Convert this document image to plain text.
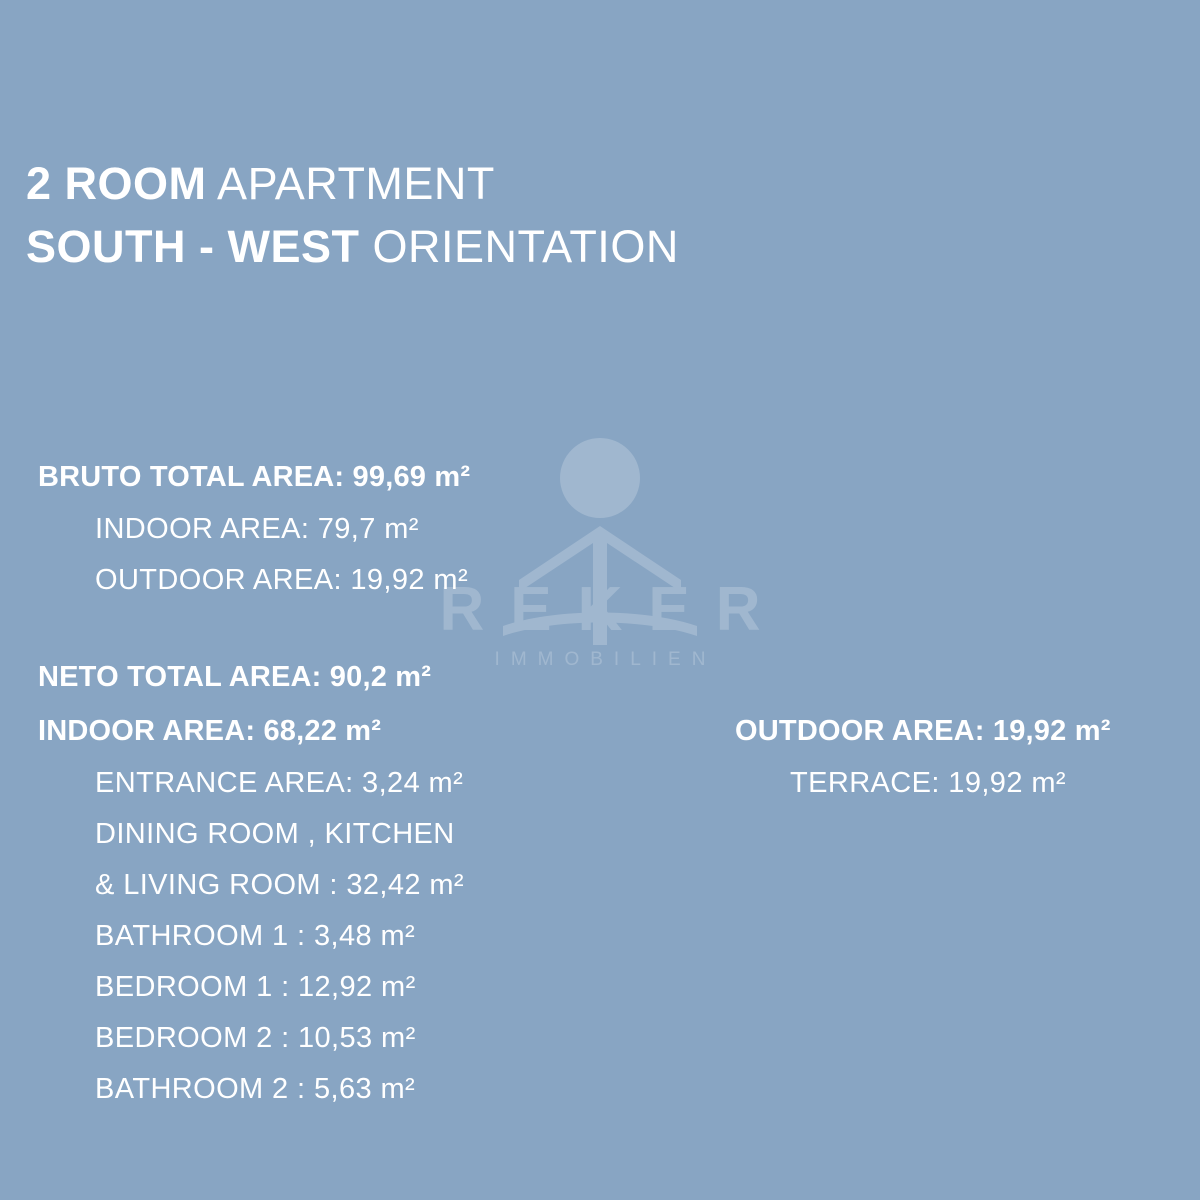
REKER
IMMOBILIEN
2 ROOM APARTMENT
SOUTH - WEST ORIENTATION
BRUTO TOTAL AREA: 99,69 m²
INDOOR AREA: 79,7 m²
OUTDOOR AREA: 19,92 m²
NETO TOTAL AREA: 90,2 m²
INDOOR AREA: 68,22 m²
ENTRANCE AREA: 3,24 m²
DINING ROOM , KITCHEN
& LIVING ROOM : 32,42 m²
BATHROOM 1 : 3,48 m²
BEDROOM 1 : 12,92 m²
BEDROOM 2 : 10,53 m²
BATHROOM 2 : 5,63 m²
OUTDOOR AREA: 19,92 m²
TERRACE: 19,92 m²
